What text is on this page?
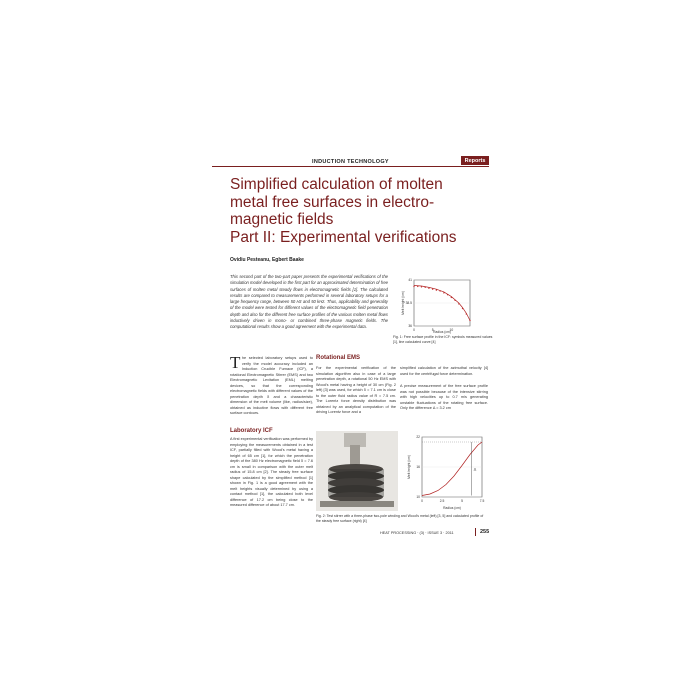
INDUCTION TECHNOLOGY	Reports
Simplified calculation of molten
metal free surfaces in electro-
magnetic fields
Part II: Experimental verifications
Ovidiu Pesteanu, Egbert Baake
This second part of the two-part paper presents the experimental verifications of the simulation model developed in the first part for an approximated determination of free surfaces of molten metal steady flows in electromagnetic fields [1]. The calculated results are compared to measurements performed in several laboratory setups for a large frequency range, between 50 Hz and 50 kHz. Thus, applicability and generality of the model were tested for different values of the electromagnetic field penetration depth and also for the different free surface profiles of the various molten metal flows inductively driven in mono- or combined three-phase magnetic fields. The computational results show a good agreement with the experimental data.
0	5	10
36
38.5
41
Melt height (cm)
Radius (cm)
Fig. 1: Free surface profile in the ICF: symbols measured values [1], line calculated curve [4]
The selected laboratory setups used to verify the model accuracy included an Induction Crucible Furnace (ICF), a rotational Electromagnetic Stirrer (EMS) and two Electromagnetic Levitation (EML) melting devices, so that the corresponding electromagnetic fields with different values of the penetration depth δ and a characteristic dimension of the melt volume (like, radius/size), obtained as inductive flows with different free surface contours.
Laboratory ICF
A first experimental verification was performed by employing the measurements obtained in a test ICF, partially filled with Wood's metal having a height of 65 cm [1], for which the penetration depth of the 380 Hz electromagnetic field δ = 7.6 cm is small in comparison with the outer melt radius of 15.8 cm [2]. The steady free surface shape calculated by the simplified method [1] shown in Fig. 1 is a good agreement with the melt heights visually determined by using a contact method [1], the calculated both level difference of 17.2 cm being close to the measured difference of about 17.7 cm.
Rotational EMS
For the experimental verification of the simulation algorithm also in case of a large penetration depth, a rotational 50 Hz EMS with Wood's metal having a height of 30 cm (Fig. 2 left) [3] was used, for which δ = 7.1 cm is close to the outer fluid radius value of R = 7.5 cm. The Lorentz force density distribution was obtained by an analytical computation of the driving Lorentz force and a
simplified calculation of the azimuthal velocity [4] used for the centrifugal force determination.
A precise measurement of the free surface profile was not possible because of the intensive stirring with high velocities up to 0.7 m/s generating unstable fluctuations of the rotating free surface. Only the difference Δ = 3.2 cm
0	2.5	5	7.5
10
16
22
Δ
Melt height (cm)
Radius (cm)
Fig. 2: Test stirrer with a three-phase two-pole winding and Wood's metal (left) [3, 5] and calculated profile of the steady free surface (right) [4]
HEAT PROCESSING · (3) · ISSUE 3 · 2011	255
